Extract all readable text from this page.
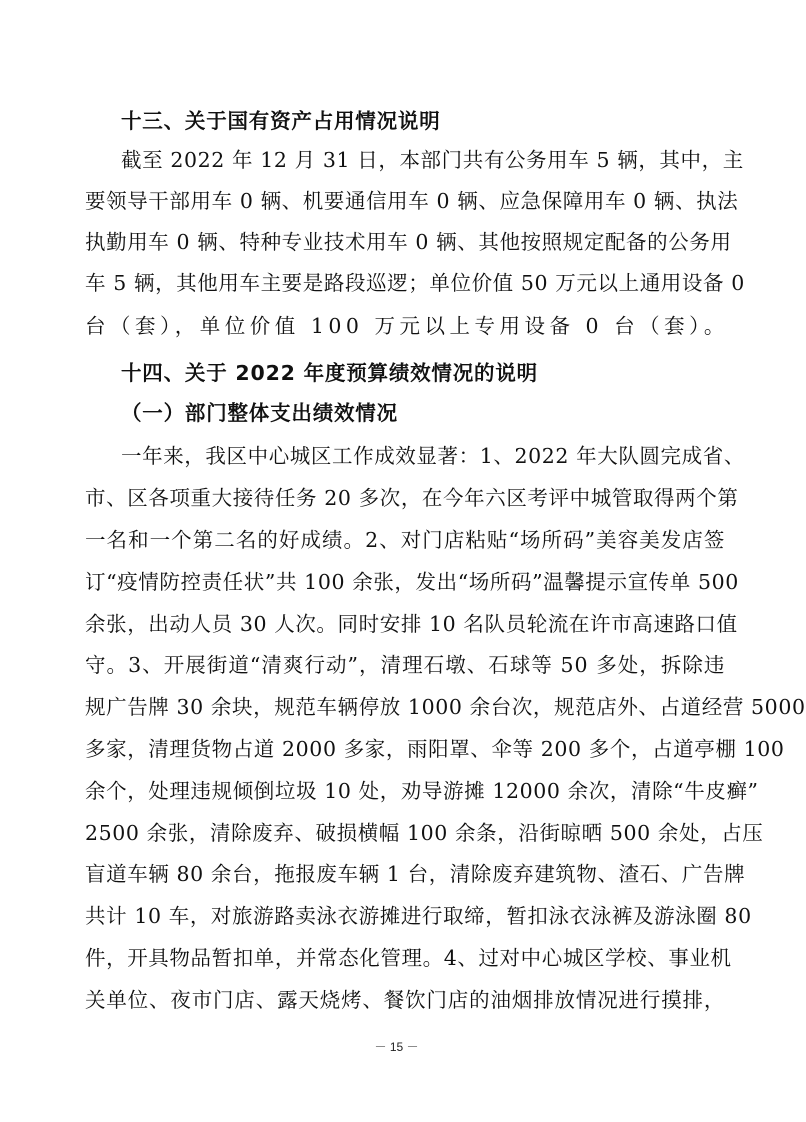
十三、关于国有资产占用情况说明
截至 2022 年 12 月 31 日，本部门共有公务用车 5 辆，其中，主
要领导干部用车 0 辆、机要通信用车 0 辆、应急保障用车 0 辆、执法
执勤用车 0 辆、特种专业技术用车 0 辆、其他按照规定配备的公务用
车 5 辆，其他用车主要是路段巡逻；单位价值 50 万元以上通用设备 0
台（套），单位价值 100 万元以上专用设备 0 台（套）。
十四、关于 2022 年度预算绩效情况的说明
（一）部门整体支出绩效情况
一年来，我区中心城区工作成效显著：1、2022 年大队圆完成省、
市、区各项重大接待任务 20 多次，在今年六区考评中城管取得两个第
一名和一个第二名的好成绩。2、对门店粘贴“场所码”美容美发店签
订“疫情防控责任状”共 100 余张，发出“场所码”温馨提示宣传单 500
余张，出动人员 30 人次。同时安排 10 名队员轮流在许市高速路口值
守。3、开展街道“清爽行动”，清理石墩、石球等 50 多处，拆除违
规广告牌 30 余块，规范车辆停放 1000 余台次，规范店外、占道经营 5000
多家，清理货物占道 2000 多家，雨阳罩、伞等 200 多个，占道亭棚 100
余个，处理违规倾倒垃圾 10 处，劝导游摊 12000 余次，清除“牛皮癣”
2500 余张，清除废弃、破损横幅 100 余条，沿街晾晒 500 余处，占压
盲道车辆 80 余台，拖报废车辆 1 台，清除废弃建筑物、渣石、广告牌
共计 10 车，对旅游路卖泳衣游摊进行取缔，暂扣泳衣泳裤及游泳圈 80
件，开具物品暂扣单，并常态化管理。4、过对中心城区学校、事业机
关单位、夜市门店、露天烧烤、餐饮门店的油烟排放情况进行摸排，
－ 15 －
